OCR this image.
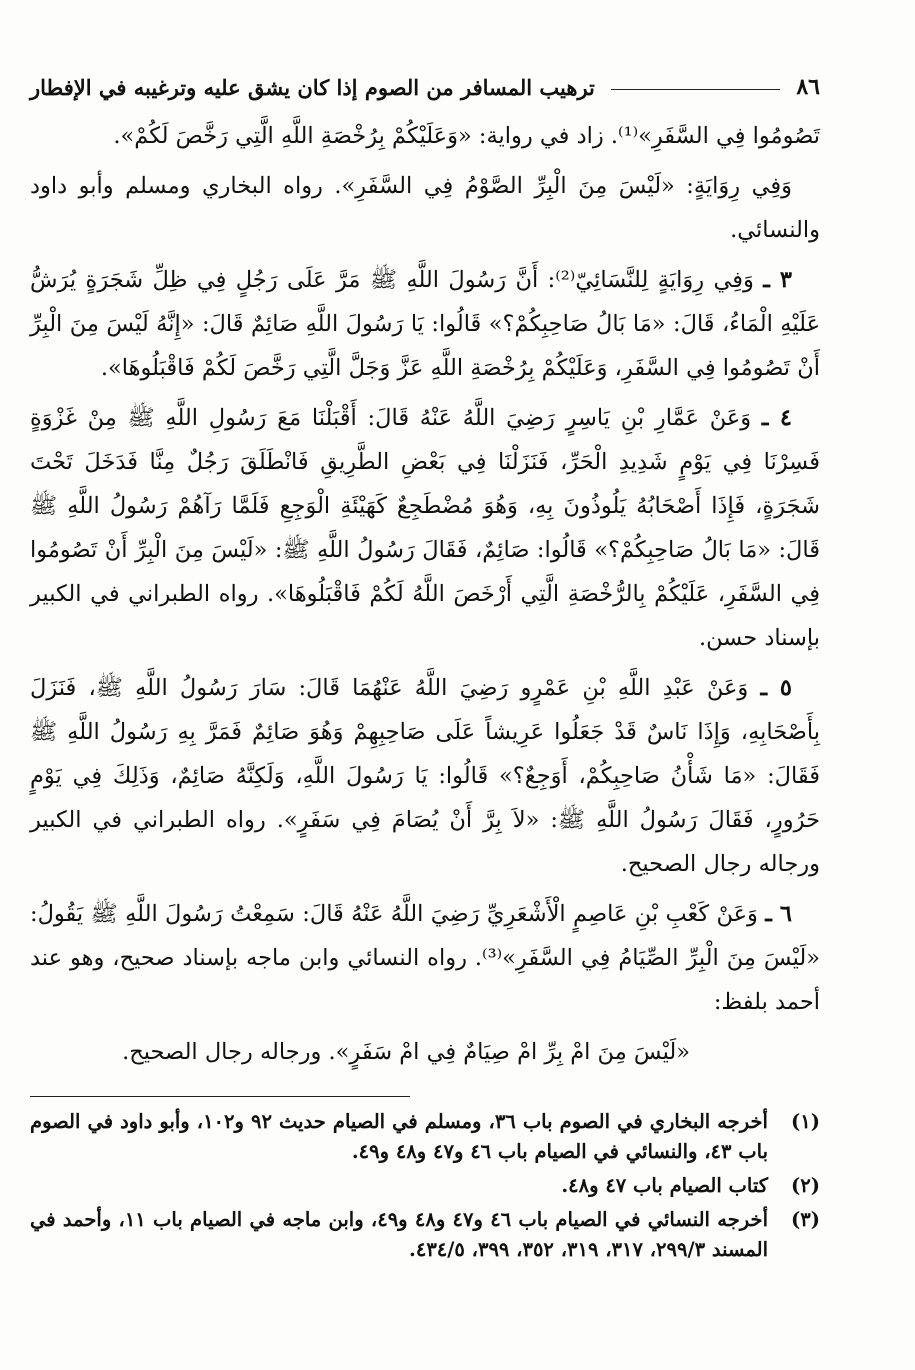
٨٦
ترهيب المسافر من الصوم إذا كان يشق عليه وترغيبه في الإفطار

تَصُومُوا فِي السَّفَرِ»⁽¹⁾. زاد في رواية: «وَعَلَيْكُمْ بِرُخْصَةِ اللَّهِ الَّتِي رَخَّصَ لَكُمْ».

وَفِي رِوَايَةٍ: «لَيْسَ مِنَ الْبِرِّ الصَّوْمُ فِي السَّفَرِ». رواه البخاري ومسلم وأبو داود والنسائي.

٣ ـ وَفِي رِوَايَةٍ لِلنَّسَائِيّ⁽²⁾: أَنَّ رَسُولَ اللَّهِ ﷺ مَرَّ عَلَى رَجُلٍ فِي ظِلِّ شَجَرَةٍ يُرَشُّ عَلَيْهِ الْمَاءُ، قَالَ: «مَا بَالُ صَاحِبِكُمْ؟» قَالُوا: يَا رَسُولَ اللَّهِ صَائِمٌ قَالَ: «إِنَّهُ لَيْسَ مِنَ الْبِرِّ أَنْ تَصُومُوا فِي السَّفَرِ، وَعَلَيْكُمْ بِرُخْصَةِ اللَّهِ عَزَّ وَجَلَّ الَّتِي رَخَّصَ لَكُمْ فَاقْبَلُوهَا».

٤ ـ وَعَنْ عَمَّارِ بْنِ يَاسِرٍ رَضِيَ اللَّهُ عَنْهُ قَالَ: أَقْبَلْنَا مَعَ رَسُولِ اللَّهِ ﷺ مِنْ غَزْوَةٍ فَسِرْنَا فِي يَوْمٍ شَدِيدِ الْحَرِّ، فَنَزَلْنَا فِي بَعْضِ الطَّرِيقِ فَانْطَلَقَ رَجُلٌ مِنَّا فَدَخَلَ تَحْتَ شَجَرَةٍ، فَإِذَا أَصْحَابُهُ يَلُوذُونَ بِهِ، وَهُوَ مُضْطَجِعٌ كَهَيْئَةِ الْوَجِعِ فَلَمَّا رَآهُمْ رَسُولُ اللَّهِ ﷺ قَالَ: «مَا بَالُ صَاحِبِكُمْ؟» قَالُوا: صَائِمٌ، فَقَالَ رَسُولُ اللَّهِ ﷺ: «لَيْسَ مِنَ الْبِرِّ أَنْ تَصُومُوا فِي السَّفَرِ، عَلَيْكُمْ بِالرُّخْصَةِ الَّتِي أَرْخَصَ اللَّهُ لَكُمْ فَاقْبَلُوهَا». رواه الطبراني في الكبير بإسناد حسن.

٥ ـ وَعَنْ عَبْدِ اللَّهِ بْنِ عَمْرٍو رَضِيَ اللَّهُ عَنْهُمَا قَالَ: سَارَ رَسُولُ اللَّهِ ﷺ، فَنَزَلَ بِأَصْحَابِهِ، وَإِذَا نَاسٌ قَدْ جَعَلُوا عَرِيشاً عَلَى صَاحِبِهِمْ وَهُوَ صَائِمٌ فَمَرَّ بِهِ رَسُولُ اللَّهِ ﷺ فَقَالَ: «مَا شَأْنُ صَاحِبِكُمْ، أَوَجِعٌ؟» قَالُوا: يَا رَسُولَ اللَّهِ، وَلَكِنَّهُ صَائِمٌ، وَذَلِكَ فِي يَوْمٍ حَرُورٍ، فَقَالَ رَسُولُ اللَّهِ ﷺ: «لاَ بِرَّ أَنْ يُصَامَ فِي سَفَرٍ». رواه الطبراني في الكبير ورجاله رجال الصحيح.

٦ ـ وَعَنْ كَعْبِ بْنِ عَاصِمٍ الْأَشْعَرِيِّ رَضِيَ اللَّهُ عَنْهُ قَالَ: سَمِعْتُ رَسُولَ اللَّهِ ﷺ يَقُولُ: «لَيْسَ مِنَ الْبِرِّ الصِّيَامُ فِي السَّفَرِ»⁽³⁾. رواه النسائي وابن ماجه بإسناد صحيح، وهو عند أحمد بلفظ:

«لَيْسَ مِنَ امْ بِرِّ امْ صِيَامٌ فِي امْ سَفَرٍ». ورجاله رجال الصحيح.

(١)
أخرجه البخاري في الصوم باب ٣٦، ومسلم في الصيام حديث ٩٢ و١٠٢، وأبو داود في الصوم باب ٤٣، والنسائي في الصيام باب ٤٦ و٤٧ و٤٨ و٤٩.
(٢)
كتاب الصيام باب ٤٧ و٤٨.
(٣)
أخرجه النسائي في الصيام باب ٤٦ و٤٧ و٤٨ و٤٩، وابن ماجه في الصيام باب ١١، وأحمد في المسند ٢٩٩/٣، ٣١٧، ٣١٩، ٣٥٢، ٣٩٩، ٤٣٤/٥.
